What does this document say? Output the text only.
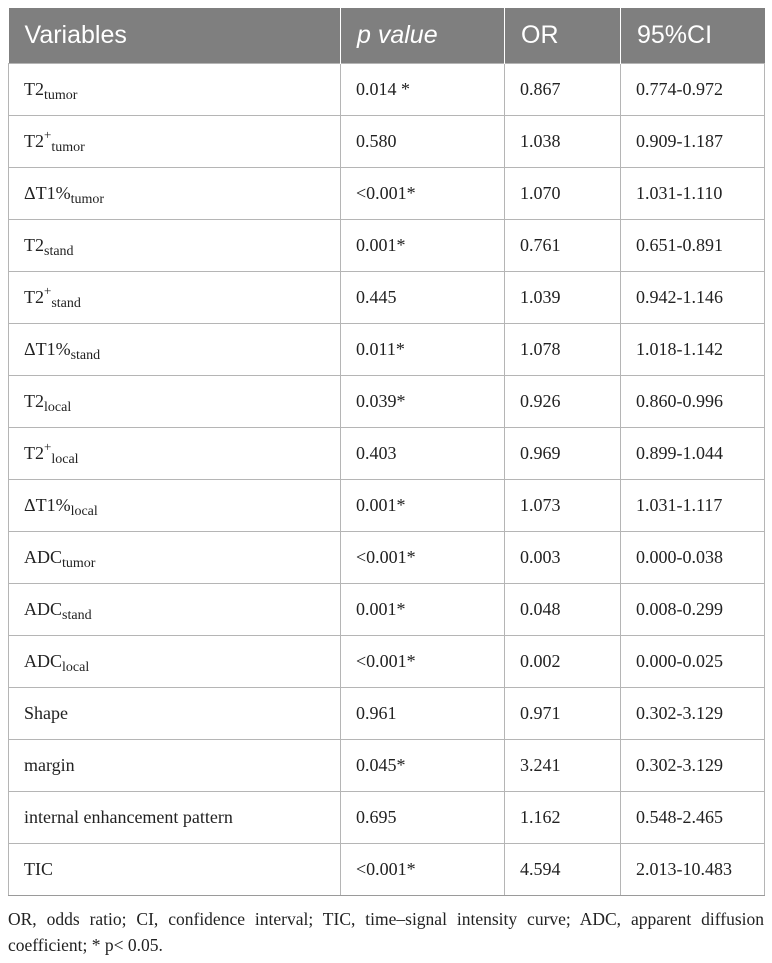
Variables	p value	OR	95%CI
$T2_{tumor}$	0.014 *	0.867	0.774-0.972
$T2^+_{tumor}$	0.580	1.038	0.909-1.187
$\Delta T1\%_{tumor}$	<0.001*	1.070	1.031-1.110
$T2_{stand}$	0.001*	0.761	0.651-0.891
$T2^+_{stand}$	0.445	1.039	0.942-1.146
$\Delta T1\%_{stand}$	0.011*	1.078	1.018-1.142
$T2_{local}$	0.039*	0.926	0.860-0.996
$T2^+_{local}$	0.403	0.969	0.899-1.044
$\Delta T1\%_{local}$	0.001*	1.073	1.031-1.117
$ADC_{tumor}$	<0.001*	0.003	0.000-0.038
$ADC_{stand}$	0.001*	0.048	0.008-0.299
$ADC_{local}$	<0.001*	0.002	0.000-0.025
Shape	0.961	0.971	0.302-3.129
margin	0.045*	3.241	0.302-3.129
internal enhancement pattern	0.695	1.162	0.548-2.465
TIC	<0.001*	4.594	2.013-10.483
OR, odds ratio; CI, confidence interval; TIC, time–signal intensity curve; ADC, apparent diffusion coefficient; * p< 0.05.
